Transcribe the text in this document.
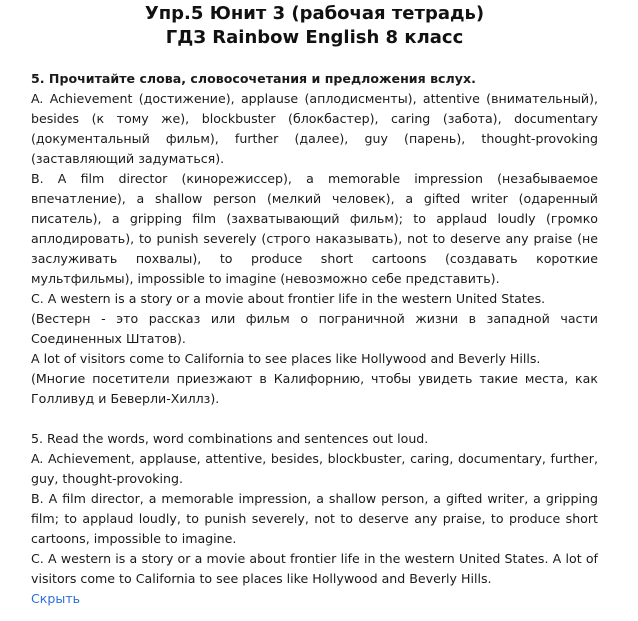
Упр.5 Юнит 3 (рабочая тетрадь)
ГДЗ Rainbow English 8 класс

5. Прочитайте слова, словосочетания и предложения вслух.

A. Achievement (достижение), applause (аплодисменты), attentive (внимательный), besides (к тому же), blockbuster (блокбастер), caring (забота), documentary (документальный фильм), further (далее), guy (парень), thought-provoking (заставляющий задуматься).

B. A film director (кинорежиссер), a memorable impression (незабываемое впечатление), a shallow person (мелкий человек), a gifted writer (одаренный писатель), a gripping film (захватывающий фильм); to applaud loudly (громко аплодировать), to punish severely (строго наказывать), not to deserve any praise (не заслуживать похвалы), to produce short cartoons (создавать короткие мультфильмы), impossible to imagine (невозможно себе представить).

C. A western is a story or a movie about frontier life in the western United States.

(Вестерн - это рассказ или фильм о пограничной жизни в западной части Соединенных Штатов).

A lot of visitors come to California to see places like Hollywood and Beverly Hills.

(Многие посетители приезжают в Калифорнию, чтобы увидеть такие места, как Голливуд и Беверли-Хиллз).

5. Read the words, word combinations and sentences out loud.

A. Achievement, applause, attentive, besides, blockbuster, caring, documentary, further, guy, thought-provoking.

B. A film director, a memorable impression, a shallow person, a gifted writer, a gripping film; to applaud loudly, to punish severely, not to deserve any praise, to produce short cartoons, impossible to imagine.

C. A western is a story or a movie about frontier life in the western United States. A lot of visitors come to California to see places like Hollywood and Beverly Hills.

Скрыть
